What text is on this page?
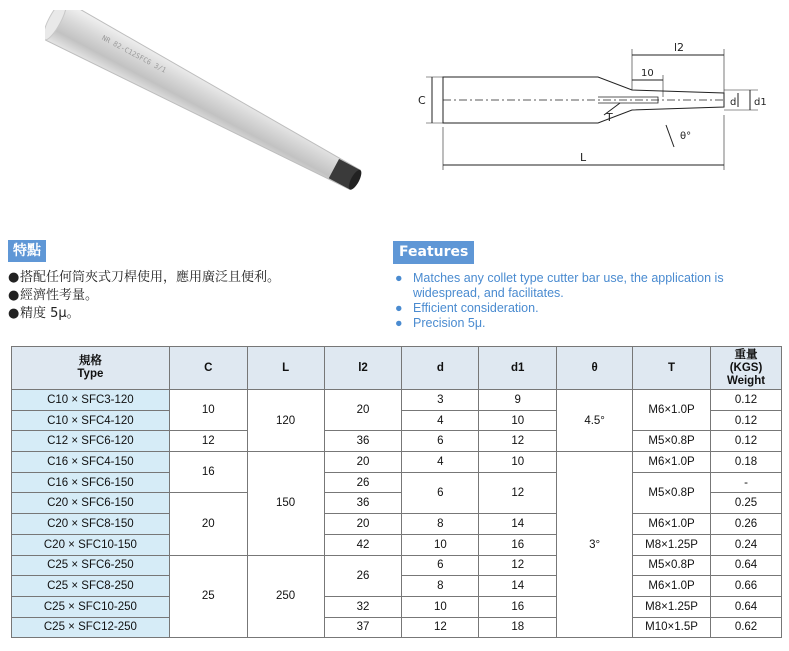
NR 82-C12SFC6 3/1	l2
10
C	d d1
T
θ°
L
特點
●搭配任何筒夾式刀桿使用，應用廣泛且便利。
●經濟性考量。
●精度 5μ。
Features
● Matches any collet type cutter bar use, the application is
widespread, and facilitates.
● Efficient consideration.
● Precision 5μ.
規格
Type	C	L	l2	d	d1	θ	T	重量
(KGS)
Weight
C10 × SFC3-120	10	120	20	3	9	4.5°	M6×1.0P	0.12
C10 × SFC4-120				4	10			0.12
C12 × SFC6-120	12		36	6	12		M5×0.8P	0.12
C16 × SFC4-150	16	150	20	4	10	3°	M6×1.0P	0.18
C16 × SFC6-150			26	6	12		M5×0.8P	-
C20 × SFC6-150	20		36					0.25
C20 × SFC8-150			20	8	14		M6×1.0P	0.26
C20 × SFC10-150			42	10	16		M8×1.25P	0.24
C25 × SFC6-250	25	250	26	6	12		M5×0.8P	0.64
C25 × SFC8-250				8	14		M6×1.0P	0.66
C25 × SFC10-250			32	10	16		M8×1.25P	0.64
C25 × SFC12-250			37	12	18		M10×1.5P	0.62
